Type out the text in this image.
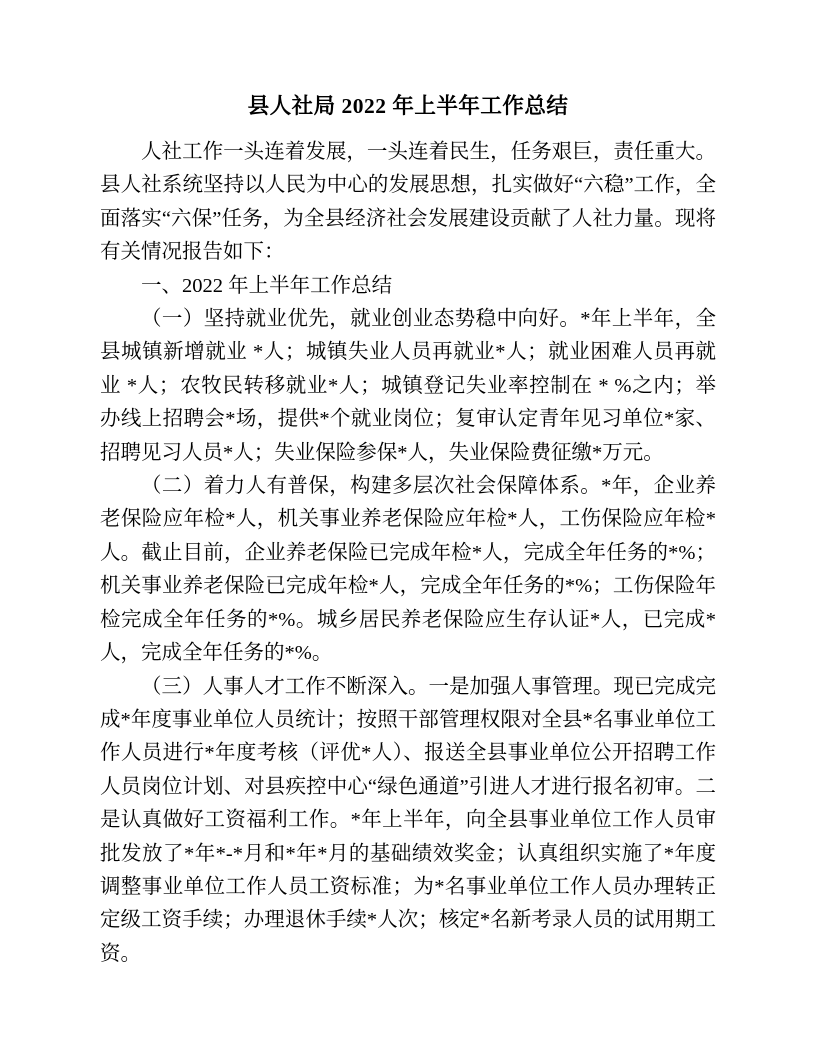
县人社局 2022 年上半年工作总结

人社工作一头连着发展，一头连着民生，任务艰巨，责任重大。县人社系统坚持以人民为中心的发展思想，扎实做好“六稳”工作，全面落实“六保”任务，为全县经济社会发展建设贡献了人社力量。现将有关情况报告如下：

一、2022 年上半年工作总结

（一）坚持就业优先，就业创业态势稳中向好。*年上半年，全县城镇新增就业 *人；城镇失业人员再就业*人；就业困难人员再就业 *人；农牧民转移就业*人；城镇登记失业率控制在 * %之内；举办线上招聘会*场，提供*个就业岗位；复审认定青年见习单位*家、招聘见习人员*人；失业保险参保*人，失业保险费征缴*万元。

（二）着力人有普保，构建多层次社会保障体系。*年，企业养老保险应年检*人，机关事业养老保险应年检*人，工伤保险应年检*人。截止目前，企业养老保险已完成年检*人，完成全年任务的*%；机关事业养老保险已完成年检*人，完成全年任务的*%；工伤保险年检完成全年任务的*%。城乡居民养老保险应生存认证*人，已完成*人，完成全年任务的*%。

（三）人事人才工作不断深入。一是加强人事管理。现已完成完成*年度事业单位人员统计；按照干部管理权限对全县*名事业单位工作人员进行*年度考核（评优*人）、报送全县事业单位公开招聘工作人员岗位计划、对县疾控中心“绿色通道”引进人才进行报名初审。二是认真做好工资福利工作。*年上半年，向全县事业单位工作人员审批发放了*年*-*月和*年*月的基础绩效奖金；认真组织实施了*年度调整事业单位工作人员工资标准；为*名事业单位工作人员办理转正定级工资手续；办理退休手续*人次；核定*名新考录人员的试用期工资。
